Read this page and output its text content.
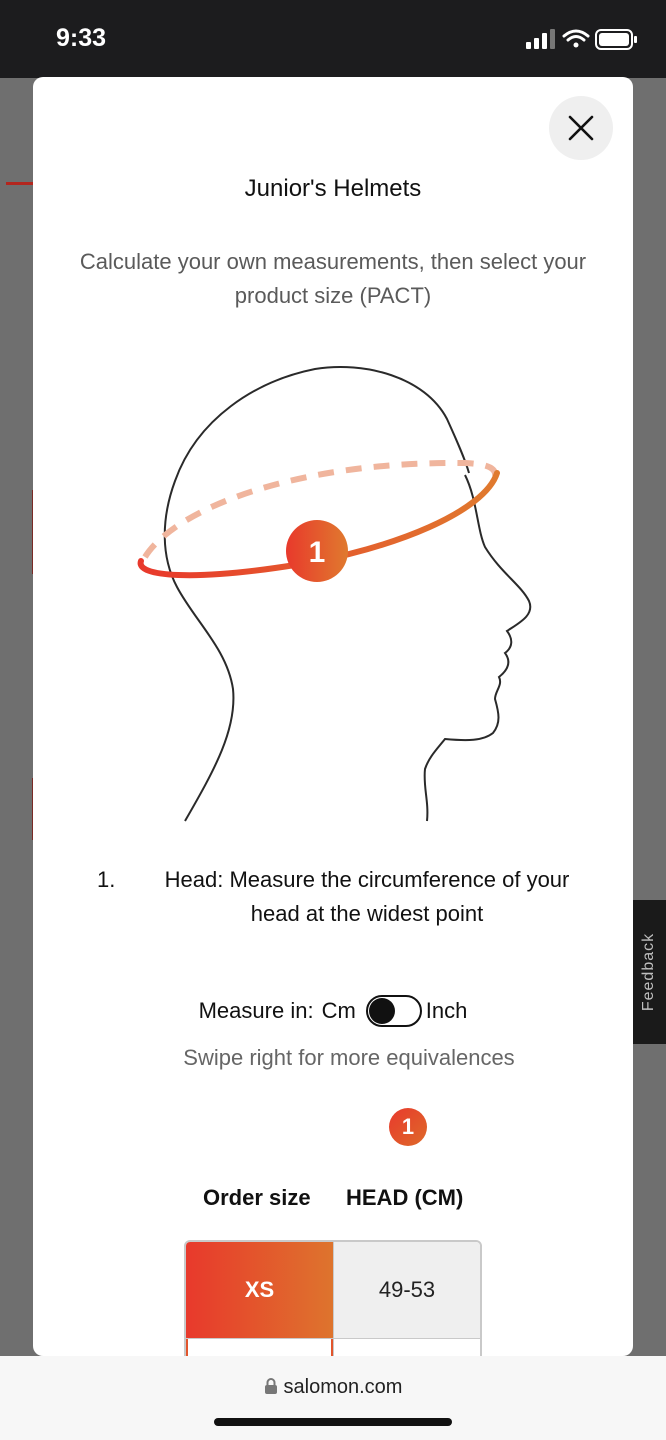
9:33
Feedback
Junior's Helmets
Calculate your own measurements, then select your product size (PACT)
1
1.	Head: Measure the circumference of your head at the widest point
Measure in: Cm	Inch
Swipe right for more equivalences
1
Order size HEAD (CM)
XS	49-53
salomon.com
